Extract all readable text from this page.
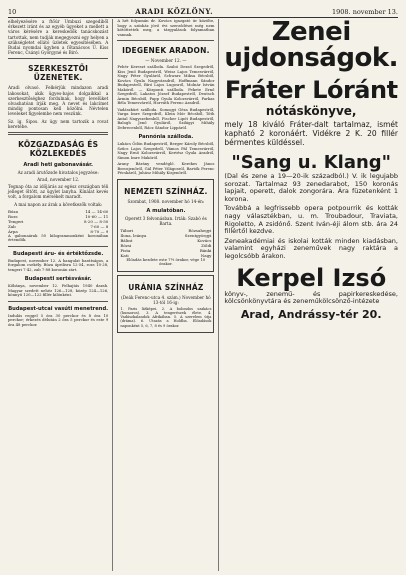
10	ARADI KÖZLÖNY.	1908. november 13.

elhelyezésére a ftőúr Umbuzi szegediből érkezett iránt és az egyéb ügyeket a mellett a város kérésére a kereskedők tanácskozást tartottak, nem tudják megegyezni egy helyen a szükségletet ellátó üzletek egyesítésében. A Budai nyomdai ügyben a főtanácsos Ú. Kiss Ferenc, Csányi Győrgyné és Biró.

SZERKESZTŐI ÜZENETEK.

Aradi olvasó. Felkérjük mindazon aradi lakosokat, akik ügyes-bajos dolgaikkal a szerkesztőséghez fordulnak, hogy levelüket olvashatóan írják meg. A nevet és lakcímet mindig pontosan kell közölni. Névtelen leveleket figyelembe nem veszünk.

Sz. ig. Sipos. Az ügy nem tartozik a rovat keretébe.

KÖZGAZDASÁG ÉS KÖZLEKEDÉS
Aradi heti gabonavásár.
Az aradi árutőzsde hivatalos jegyzése:
Arad, november 12.

Tegnap óta az időjárás az egész országban téli jelleget öltött, az ügylet lanyha. Kínálat kevés volt, a forgalom mérsékelt maradt.

A mai napon az árak a következők voltak:
Búza	14 — 14·60
Rozs	10·60 — 11
Tengeri	8·20 — 8·50
Zab	7·60 — 8
Árpa	8·70 — 9

A gabonaárak 50 kilogrammonként koronában értendők.

Budapesti áru- és értéktőzsde.

Budapest, november 12. A hangulat barátságos, a forgalom csekély. Búza áprilisra 12·54, rozs 10·28, tengeri 7·42, zab 7·88 koronán zárt.

Budapesti sertésvásár.

Kőbánya, november 12. Felhajtás 1940 darab. Magyar szedett nehéz 126—128, közép 124—126, könnyű 120—122 fillér kilónként.

Budapest-utcai vasúti menetrend.

Indulás reggel 5 óra 30 perckor és 8 óra 10 perckor; érkezés délután 2 óra 5 perckor és este 9 óra 48 perckor.

A hét folyamán dr. Kovács igazgató úr közölte, hogy a színház jövő évi szerződései még nem kötöttettek meg, a tárgyalások folyamatban vannak.

IDEGENEK ARADON.
— November 12. —

Fehér Kereszt szálloda. Szabó Dezső Szegedről, Kiss Jenő Budapestről, Weisz Lajos Temesvárról, Nagy Péter Gyuláról, Schwarz Miksa Bécsből, Kovács Gyula Nagyváradról, Hoffmann Sándor Budapestről, Bíró Lajos Lugosról, Molnár István Makóról. — Központi szálloda. Fekete Ernő Szegedről, Lakatos József Budapestről, Deutsch Ármin Bécsből, Papp Gyula Kolozsvárról, Farkas Béla Temesvárról, Horváth Ferenc Aradról.

Vadászkürt szálloda. Somogyi Géza Budapestről, Varga Imre Szegedről, Klein Mór Bécsből, Tóth Antal Nagyszebenből, Fischer Lipót Budapestről, Balogh Jenő Gyuláról, Szilágyi Mihály Debrecenből, Rácz Sándor Lippáról.

Pannónia szálloda.

Lukács Ödön Budapestről, Berger Károly Bécsből, Szűcs Lajos Szegedről, Vámos Pál Temesvárról, Nagy Ernő Kolozsvárról, Kertész Gyula Aradról, Simon Imre Makóról.

Arany Bárány vendéglő. Kerekes János Borosjenőről, Gál Péter Világosról, Bartók Ferenc Pécskáról, Juhász Mihály Kisjenőről.

NEMZETI SZÍNHÁZ.
Szombat, 1908. november hó 14-én:
A mulatóban.
Operett 3 felvonásban. Irták: Szabó és Barta.
Tábori	Rózsahegyi
Ilona, leánya	Szentgyörgyi
Bálint	Kovács
Rózsi	Zöldi
Pista	Bánki
Kati	Nagy

Előadás kezdete este 7½ órakor, vége 10 órakor.

URÁNIA SZÍNHÁZ
(Deák Ferenc-utca 4. szám.) November hó 13-tól 16-ig:

1. Paris látképei. 2. A bolondos szakács (humoros). 3. A tengerészek élete. 4. Vadászkalandok Afrikában. 5. A szerelem útja (dráma). 6. Utazás a Holdba. Előadások naponként 5, 6, 7, 8 és 9 órakor.

Zenei
ujdonságok.
Fráter Lóránt
nótáskönyve,
mely 18 kiváló Fráter-dalt tartalmaz, ismét kapható 2 koronáért. Vidékre 2 K. 20 fillér bérmentes küldéssel.
"Sang u. Klang"
(Dal és zene a 19—20-ik századból.) V. ik legujabb sorozat. Tartalmaz 93 zenedarabot, 150 koronás lapjait, operett, dalok zongorára. Ára füzetenként 1 korona.
Továbbá a legfrissebb opera potpourrik és kották nagy választékban, u. m. Troubadour, Traviata, Rigoletto, A zsidónő. Szent Iván-éji álom stb. ára 24 fillértől kezdve.
Zeneakadémiai és iskolai kották minden kiadásban, valamint egyházi zeneművek nagy raktára a legolcsóbb árakon.
Kerpel Izsó
könyv-, zenemű- és papirkereskedése, kölcsönkönyvtára és zeneműkölcsönző-intézete
Arad, Andrássy-tér 20.
